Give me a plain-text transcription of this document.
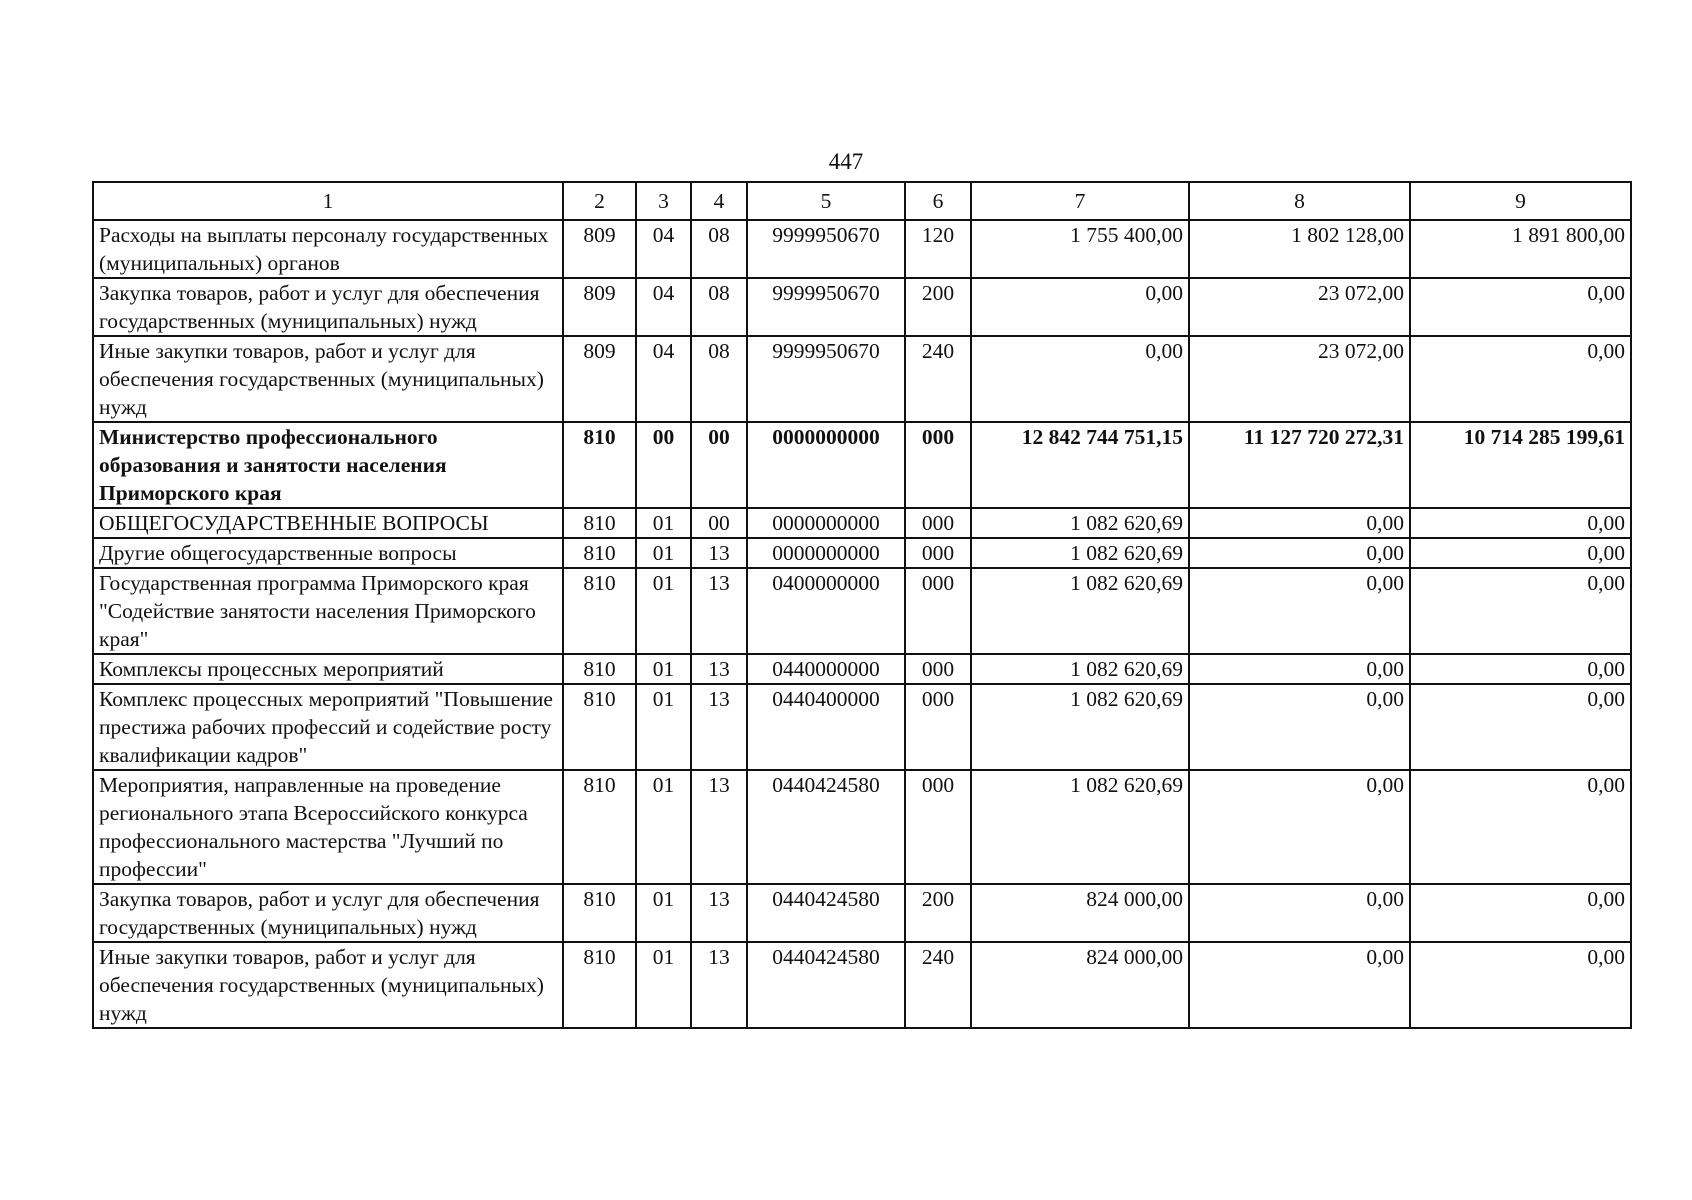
447
1	2	3	4	5	6	7	8	9
Расходы на выплаты персоналу государственных (муниципальных) органов	809	04	08	9999950670	120	1 755 400,00	1 802 128,00	1 891 800,00
Закупка товаров, работ и услуг для обеспечения государственных (муниципальных) нужд	809	04	08	9999950670	200	0,00	23 072,00	0,00
Иные закупки товаров, работ и услуг для обеспечения государственных (муниципальных) нужд	809	04	08	9999950670	240	0,00	23 072,00	0,00
Министерство профессионального образования и занятости населения Приморского края	810	00	00	0000000000	000	12 842 744 751,15	11 127 720 272,31	10 714 285 199,61
ОБЩЕГОСУДАРСТВЕННЫЕ ВОПРОСЫ	810	01	00	0000000000	000	1 082 620,69	0,00	0,00
Другие общегосударственные вопросы	810	01	13	0000000000	000	1 082 620,69	0,00	0,00
Государственная программа Приморского края "Содействие занятости населения Приморского края"	810	01	13	0400000000	000	1 082 620,69	0,00	0,00
Комплексы процессных мероприятий	810	01	13	0440000000	000	1 082 620,69	0,00	0,00
Комплекс процессных мероприятий "Повышение престижа рабочих профессий и содействие росту квалификации кадров"	810	01	13	0440400000	000	1 082 620,69	0,00	0,00
Мероприятия, направленные на проведение регионального этапа Всероссийского конкурса профессионального мастерства "Лучший по профессии"	810	01	13	0440424580	000	1 082 620,69	0,00	0,00
Закупка товаров, работ и услуг для обеспечения государственных (муниципальных) нужд	810	01	13	0440424580	200	824 000,00	0,00	0,00
Иные закупки товаров, работ и услуг для обеспечения государственных (муниципальных) нужд	810	01	13	0440424580	240	824 000,00	0,00	0,00
